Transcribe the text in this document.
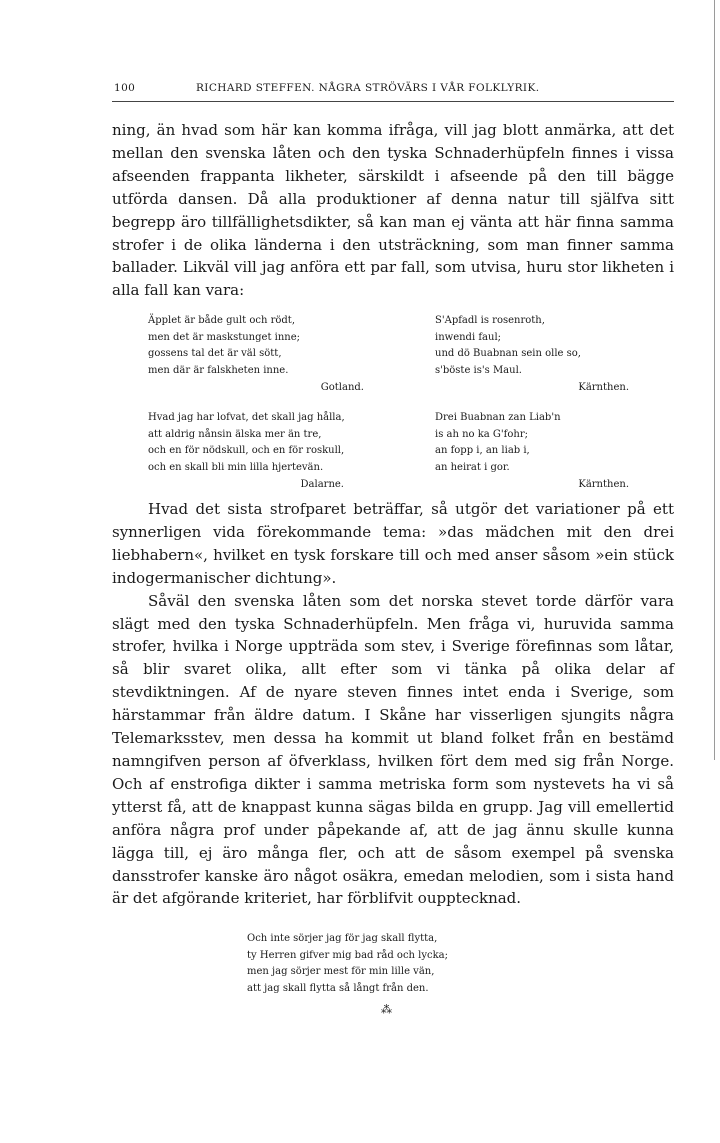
100	RICHARD STEFFEN. NÅGRA STRÖVÄRS I VÅR FOLKLYRIK.

ning, än hvad som här kan komma ifråga, vill jag blott anmärka, att det mellan den svenska låten och den tyska Schnaderhüpfeln finnes i vissa afseenden frappanta likheter, särskildt i afseende på den till bägge utförda dansen. Då alla produktioner af denna natur till själfva sitt begrepp äro tillfällighetsdikter, så kan man ej vänta att här finna samma strofer i de olika länderna i den utsträckning, som man finner samma ballader. Likväl vill jag anföra ett par fall, som utvisa, huru stor likheten i alla fall kan vara:

Äpplet är både gult och rödt,
men det är maskstunget inne;
gossens tal det är väl sött,
men där är falskheten inne.
Gotland.
S'Apfadl is rosenroth,
inwendi faul;
und dö Buabnan sein olle so,
s'böste is's Maul.
Kärnthen.
Hvad jag har lofvat, det skall jag hålla,
att aldrig nånsin älska mer än tre,
och en för nödskull, och en för roskull,
och en skall bli min lilla hjertevän.
Dalarne.
Drei Buabnan zan Liab'n
is ah no ka G'fohr;
an fopp i, an liab i,
an heirat i gor.
Kärnthen.

Hvad det sista strofparet beträffar, så utgör det variationer på ett synnerligen vida förekommande tema: »das mädchen mit den drei liebhabern«, hvilket en tysk forskare till och med anser såsom »ein stück indogermanischer dichtung».

Såväl den svenska låten som det norska stevet torde därför vara slägt med den tyska Schnaderhüpfeln. Men fråga vi, huruvida samma strofer, hvilka i Norge uppträda som stev, i Sverige förefinnas som låtar, så blir svaret olika, allt efter som vi tänka på olika delar af stevdiktningen. Af de nyare steven finnes intet enda i Sverige, som härstammar från äldre datum. I Skåne har visserligen sjungits några Telemarksstev, men dessa ha kommit ut bland folket från en bestämd namngifven person af öfverklass, hvilken fört dem med sig från Norge. Och af enstrofiga dikter i samma metriska form som nystevets ha vi så ytterst få, att de knappast kunna sägas bilda en grupp. Jag vill emellertid anföra några prof under påpekande af, att de jag ännu skulle kunna lägga till, ej äro många fler, och att de såsom exempel på svenska dansstrofer kanske äro något osäkra, emedan melodien, som i sista hand är det afgörande kriteriet, har förblifvit oupptecknad.

Och inte sörjer jag för jag skall flytta,
ty Herren gifver mig bad råd och lycka;
men jag sörjer mest för min lille vän,
att jag skall flytta så långt från den.
⁂
